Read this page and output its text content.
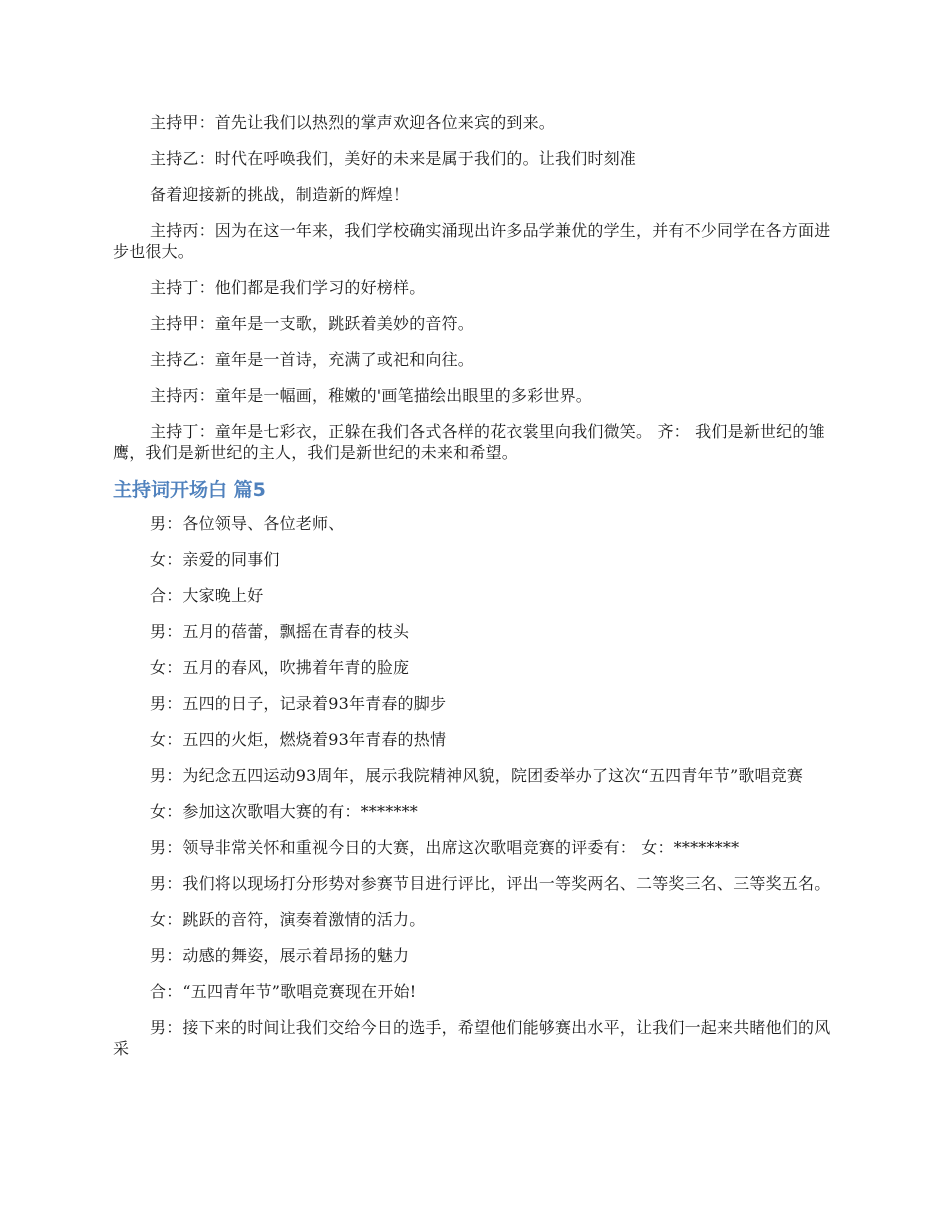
主持甲：首先让我们以热烈的掌声欢迎各位来宾的到来。

主持乙：时代在呼唤我们，美好的未来是属于我们的。让我们时刻准

备着迎接新的挑战，制造新的辉煌！

主持丙：因为在这一年来，我们学校确实涌现出许多品学兼优的学生，并有不少同学在各方面进步也很大。

主持丁：他们都是我们学习的好榜样。

主持甲：童年是一支歌，跳跃着美妙的音符。

主持乙：童年是一首诗，充满了或祀和向往。

主持丙：童年是一幅画，稚嫩的'画笔描绘出眼里的多彩世界。

主持丁：童年是七彩衣，正躲在我们各式各样的花衣裳里向我们微笑。 齐： 我们是新世纪的雏鹰，我们是新世纪的主人，我们是新世纪的未来和希望。

主持词开场白 篇5

男：各位领导、各位老师、

女：亲爱的同事们

合：大家晚上好

男：五月的蓓蕾，飘摇在青春的枝头

女：五月的春风，吹拂着年青的脸庞

男：五四的日子，记录着93年青春的脚步

女：五四的火炬，燃烧着93年青春的热情

男：为纪念五四运动93周年，展示我院精神风貌，院团委举办了这次“五四青年节”歌唱竞赛

女：参加这次歌唱大赛的有：*******

男：领导非常关怀和重视今日的大赛，出席这次歌唱竞赛的评委有： 女：********

男：我们将以现场打分形势对参赛节目进行评比，评出一等奖两名、二等奖三名、三等奖五名。

女：跳跃的音符，演奏着激情的活力。

男：动感的舞姿，展示着昂扬的魅力

合：“五四青年节”歌唱竞赛现在开始!

男：接下来的时间让我们交给今日的选手，希望他们能够赛出水平，让我们一起来共睹他们的风采
